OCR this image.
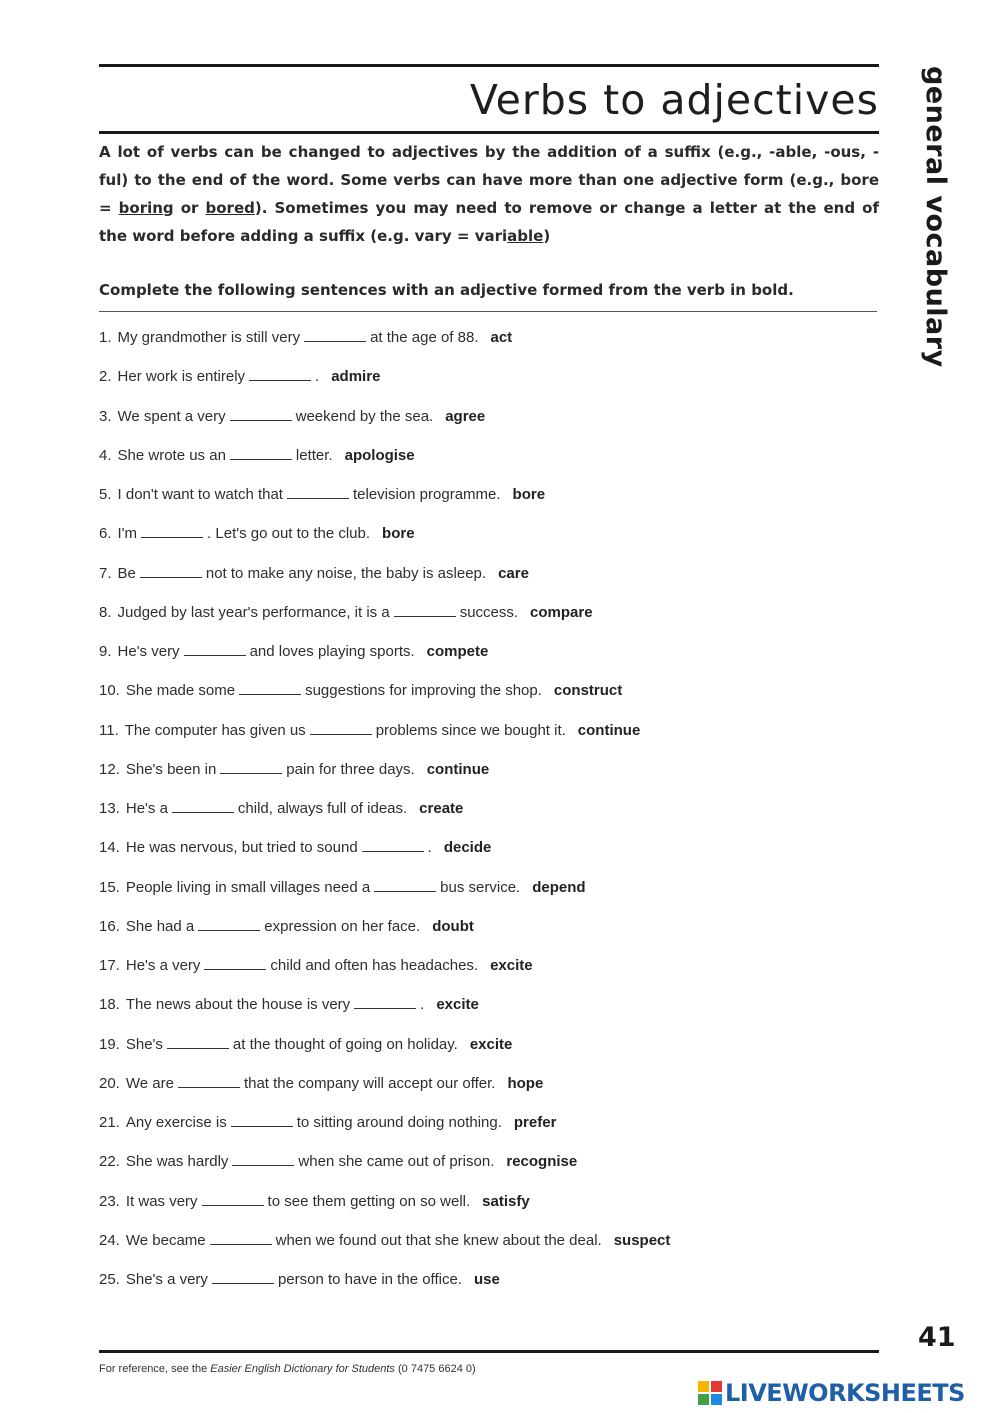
Verbs to adjectives
A lot of verbs can be changed to adjectives by the addition of a suffix (e.g., -able, -ous, -ful) to the end of the word. Some verbs can have more than one adjective form (e.g., bore = boring or bored). Sometimes you may need to remove or change a letter at the end of the word before adding a suffix (e.g. vary = variable)
Complete the following sentences with an adjective formed from the verb in bold.
1. My grandmother is still very	at the age of 88. act
2. Her work is entirely	. admire
3. We spent a very	weekend by the sea. agree
4. She wrote us an	letter. apologise
5. I don't want to watch that	television programme. bore
6. I'm	. Let's go out to the club. bore
7. Be	not to make any noise, the baby is asleep. care
8. Judged by last year's performance, it is a	success. compare
9. He's very	and loves playing sports. compete
10. She made some	suggestions for improving the shop. construct
11. The computer has given us	problems since we bought it. continue
12. She's been in	pain for three days. continue
13. He's a	child, always full of ideas. create
14. He was nervous, but tried to sound	. decide
15. People living in small villages need a	bus service. depend
16. She had a	expression on her face. doubt
17. He's a very	child and often has headaches. excite
18. The news about the house is very	. excite
19. She's	at the thought of going on holiday. excite
20. We are	that the company will accept our offer. hope
21. Any exercise is	to sitting around doing nothing. prefer
22. She was hardly	when she came out of prison. recognise
23. It was very	to see them getting on so well. satisfy
24. We became	when we found out that she knew about the deal. suspect
25. She's a very	person to have in the office. use
general vocabulary
41
For reference, see the Easier English Dictionary for Students (0 7475 6624 0)
LIVEWORKSHEETS
